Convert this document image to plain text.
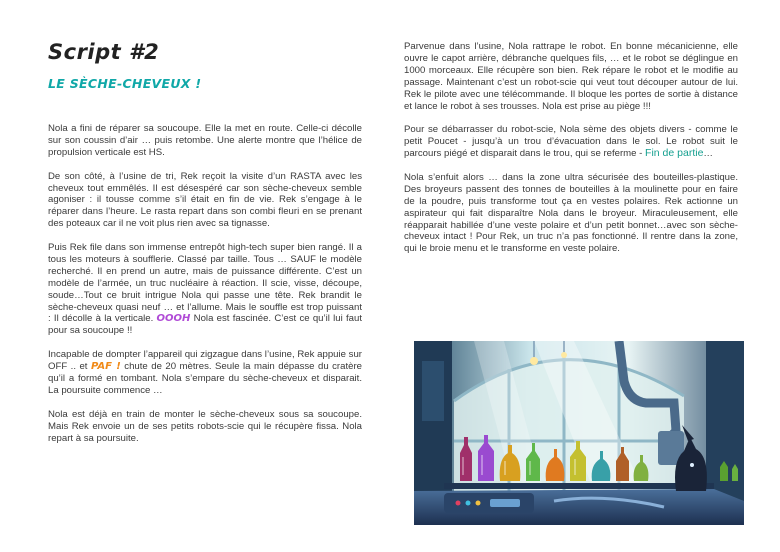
Script #2
LE SÈCHE-CHEVEUX !

Nola a fini de réparer sa soucoupe. Elle la met en route. Celle-ci décolle sur son coussin d’air … puis retombe. Une alerte montre que l’hélice de propulsion verticale est HS.

De son côté, à l’usine de tri, Rek reçoit la visite d’un RASTA avec les cheveux tout emmêlés. Il est désespéré car son sèche-cheveux semble agoniser : il tousse comme s’il était en fin de vie. Rek s’engage à le réparer dans l’heure. Le rasta repart dans son combi fleuri en se prenant des poteaux car il ne voit plus rien avec sa tignasse.

Puis Rek file dans son immense entrepôt high-tech super bien rangé. Il a tous les moteurs à soufflerie. Classé par taille. Tous … SAUF le modèle recherché. Il en prend un autre, mais de puissance différente. C’est un modèle de l’armée, un truc nucléaire à réaction. Il scie, visse, découpe, soude…Tout ce bruit intrigue Nola qui passe une tête. Rek brandit le sèche-cheveux quasi neuf … et l’allume. Mais le souffle est trop puissant : Il décolle à la verticale. OOOH Nola est fascinée. C’est ce qu’il lui faut pour sa soucoupe !!

Incapable de dompter l’appareil qui zigzague dans l’usine, Rek appuie sur OFF .. et PAF ! chute de 20 mètres. Seule la main dépasse du cratère qu’il a formé en tombant. Nola s’empare du sèche-cheveux et disparait. La poursuite commence …

Nola est déjà en train de monter le sèche-cheveux sous sa soucoupe. Mais Rek envoie un de ses petits robots-scie qui le récupère fissa. Nola repart à sa poursuite.

Parvenue dans l’usine, Nola rattrape le robot. En bonne mécanicienne, elle ouvre le capot arrière, débranche quelques fils, … et le robot se déglingue en 1000 morceaux. Elle récupère son bien. Rek répare le robot et le modifie au passage. Maintenant c’est un robot-scie qui veut tout découper autour de lui. Rek le pilote avec une télécommande. Il bloque les portes de sortie à distance et lance le robot à ses trousses. Nola est prise au piège !!!

Pour se débarrasser du robot-scie, Nola sème des objets divers - comme le petit Poucet - jusqu’à un trou d’évacuation dans le sol. Le robot suit le parcours piégé et disparait dans le trou, qui se referme - Fin de partie…

Nola s’enfuit alors … dans la zone ultra sécurisée des bouteilles-plastique. Des broyeurs passent des tonnes de bouteilles à la moulinette pour en faire de la poudre, puis transforme tout ça en vestes polaires. Rek actionne un aspirateur qui fait disparaître Nola dans le broyeur. Miraculeusement, elle réapparait habillée d’une veste polaire et d’un petit bonnet…avec son sèche-cheveux intact ! Pour Rek, un truc n’a pas fonctionné. Il rentre dans la zone, qui le broie menu et le transforme en veste polaire.
